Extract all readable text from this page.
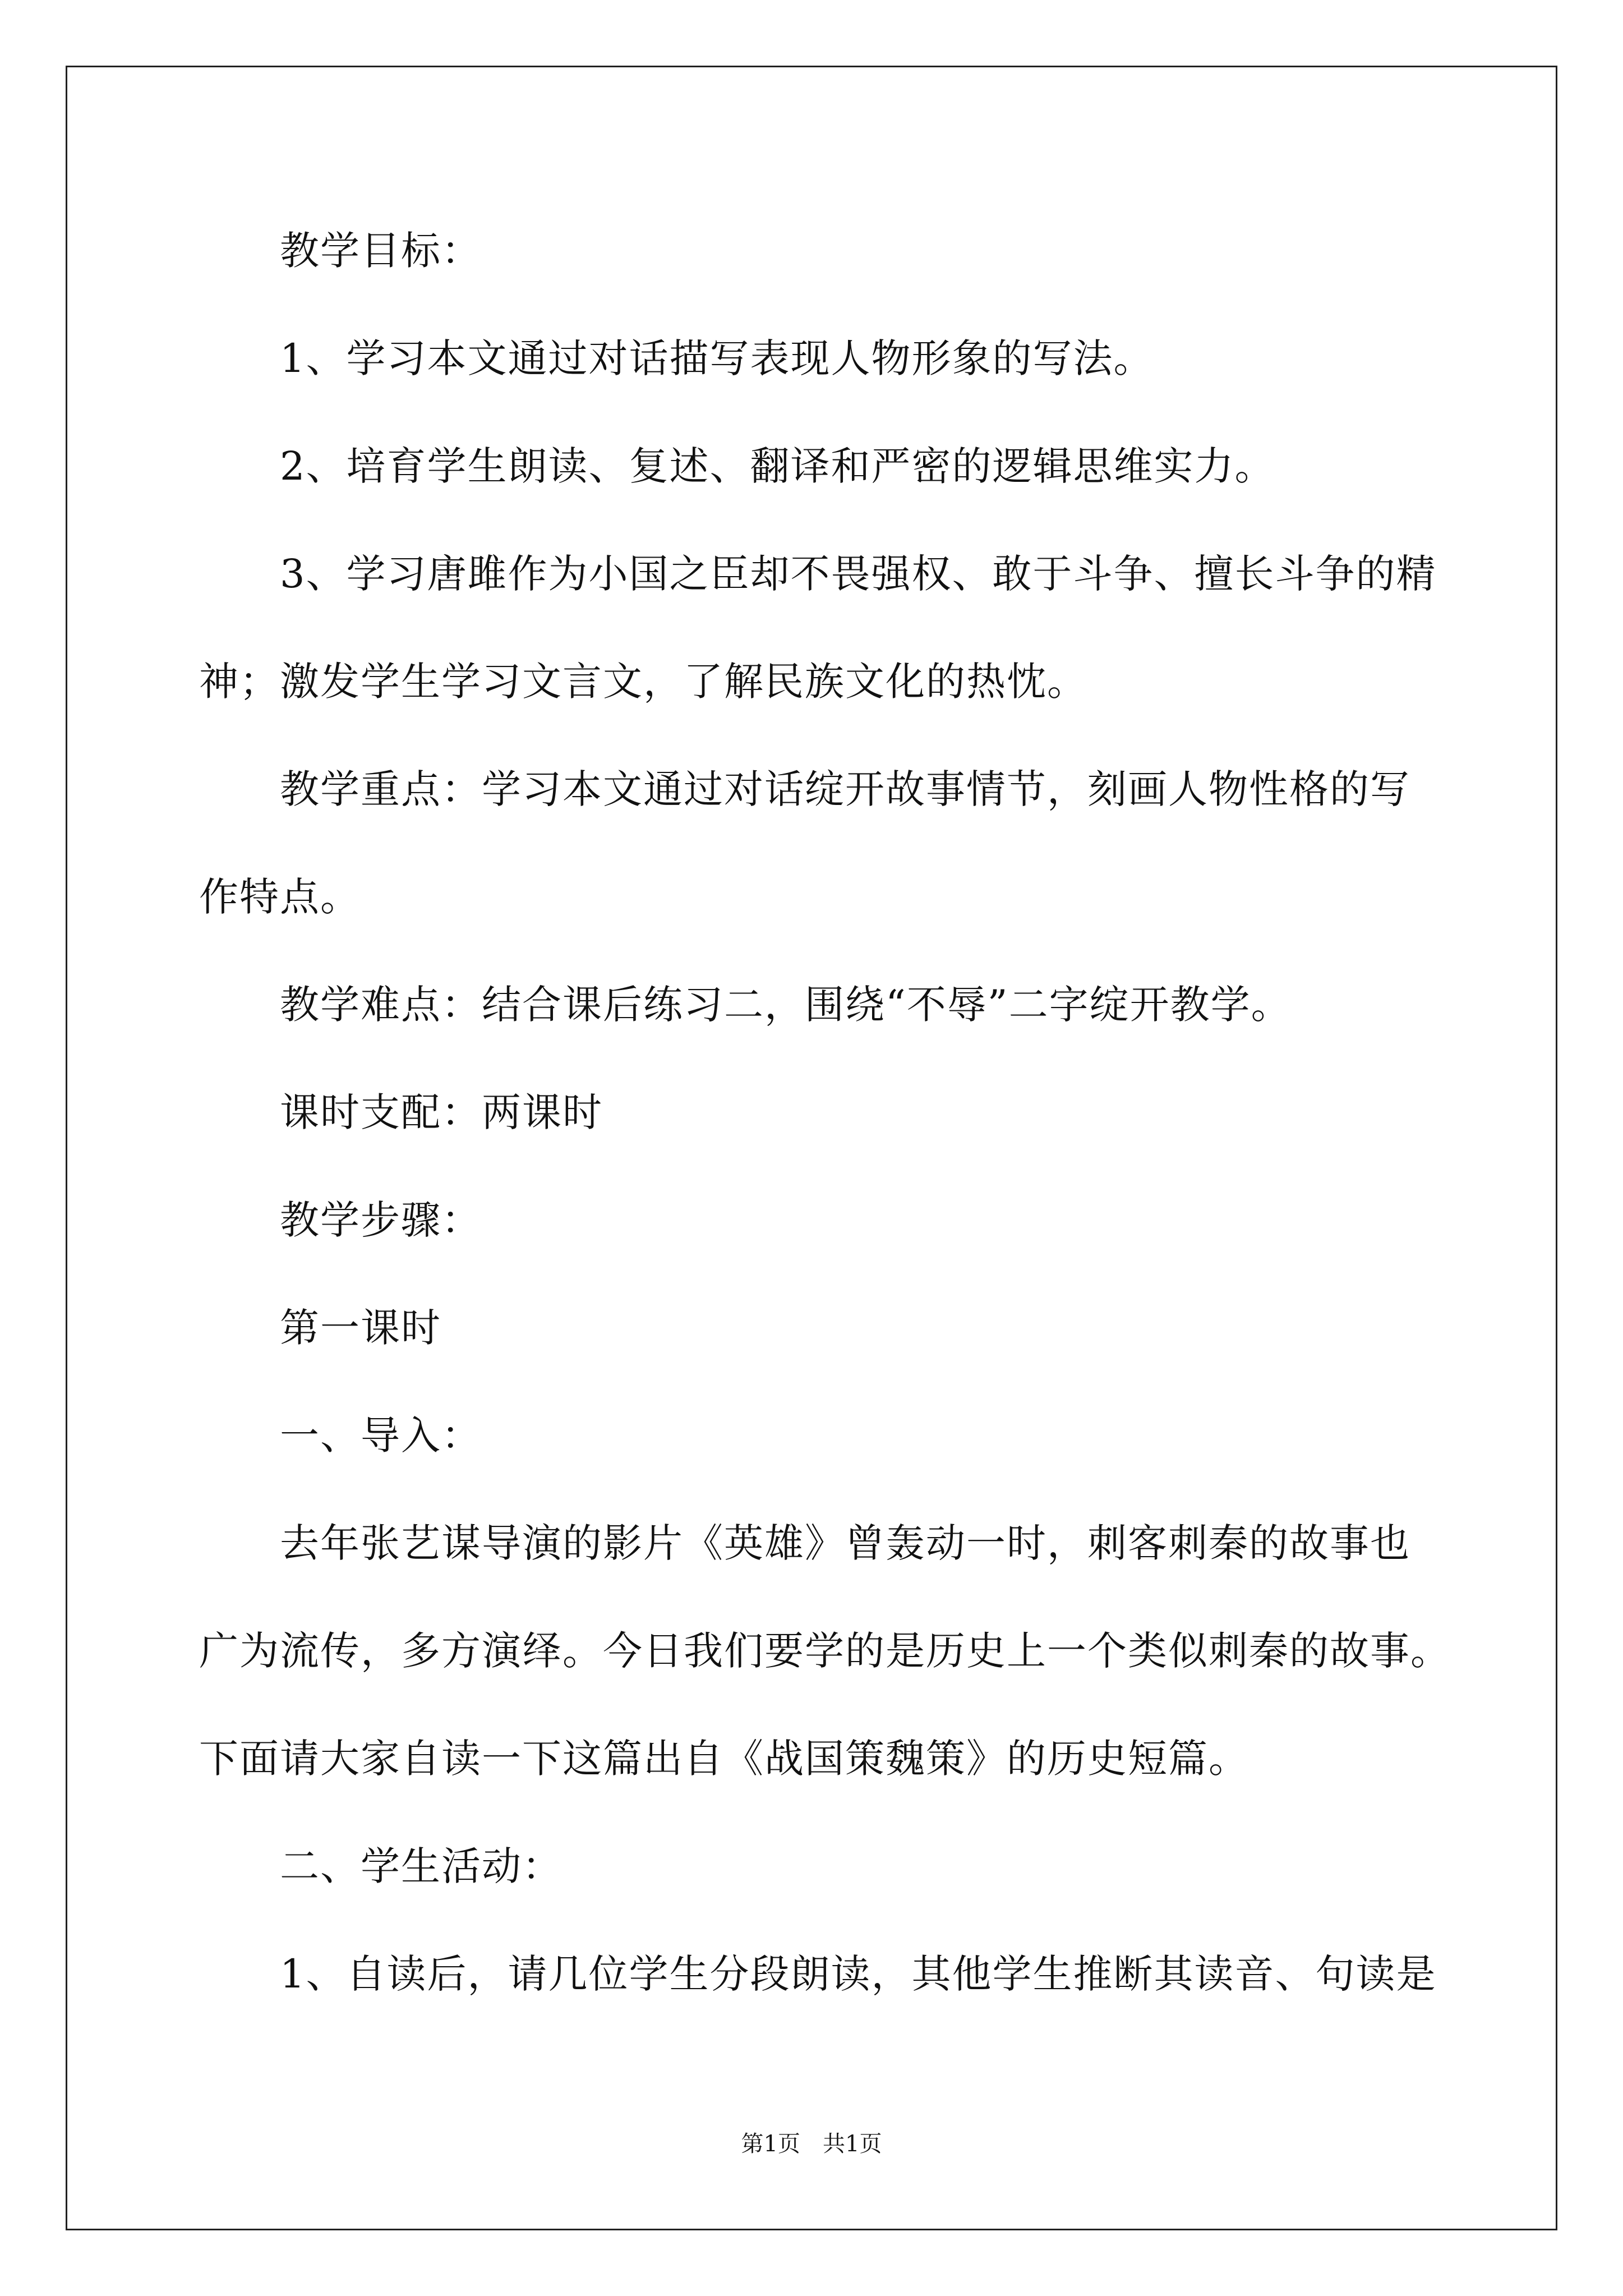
　　教学目标：
　　1、学习本文通过对话描写表现人物形象的写法。
　　2、培育学生朗读、复述、翻译和严密的逻辑思维实力。
　　3、学习唐雎作为小国之臣却不畏强权、敢于斗争、擅长斗争的精
神；激发学生学习文言文，了解民族文化的热忱。
　　教学重点：学习本文通过对话绽开故事情节，刻画人物性格的写
作特点。
　　教学难点：结合课后练习二，围绕“不辱”二字绽开教学。
　　课时支配：两课时
　　教学步骤：
　　第一课时
　　一、导入：
　　去年张艺谋导演的影片《英雄》曾轰动一时，刺客刺秦的故事也
广为流传，多方演绎。今日我们要学的是历史上一个类似刺秦的故事。
下面请大家自读一下这篇出自《战国策魏策》的历史短篇。
　　二、学生活动：
　　1、自读后，请几位学生分段朗读，其他学生推断其读音、句读是
第1页　共1页
